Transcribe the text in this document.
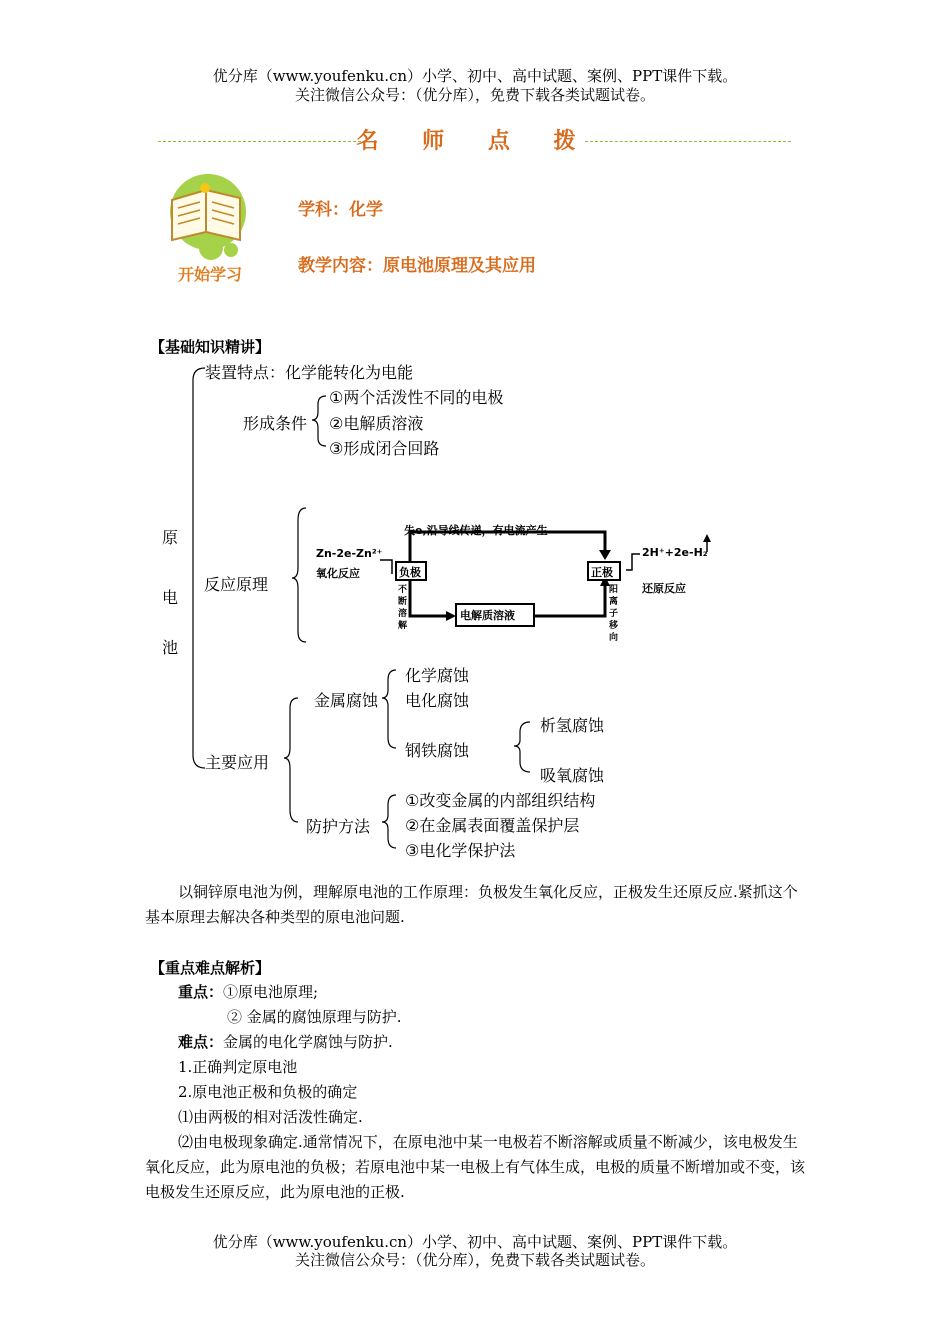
优分库（www.youfenku.cn）小学、初中、高中试题、案例、PPT课件下载。
关注微信公众号：（优分库），免费下载各类试题试卷。
名 师 点 拨
开始学习
学科：化学
教学内容：原电池原理及其应用
【基础知识精讲】
原
电
池
装置特点：化学能转化为电能
形成条件
①两个活泼性不同的电极
②电解质溶液
③形成闭合回路
反应原理
Zn-2e-Zn²⁺
氧化反应	负极
失e,沿导线传递，有电流产生
正极
2H⁺+2e-H₂
还原反应
电解质溶液
不断溶解
阳离子移向
主要应用
金属腐蚀
化学腐蚀
电化腐蚀
钢铁腐蚀
析氢腐蚀
吸氧腐蚀
防护方法
①改变金属的内部组织结构
②在金属表面覆盖保护层
③电化学保护法
以铜锌原电池为例，理解原电池的工作原理：负极发生氧化反应，正极发生还原反应.紧抓这个基本原理去解决各种类型的原电池问题.
【重点难点解析】
重点：①原电池原理;
② 金属的腐蚀原理与防护.
难点：金属的电化学腐蚀与防护.
1.正确判定原电池
2.原电池正极和负极的确定
⑴由两极的相对活泼性确定.
⑵由电极现象确定.通常情况下，在原电池中某一电极若不断溶解或质量不断减少，该电极发生氧化反应，此为原电池的负极；若原电池中某一电极上有气体生成，电极的质量不断增加或不变，该电极发生还原反应，此为原电池的正极.
优分库（www.youfenku.cn）小学、初中、高中试题、案例、PPT课件下载。
关注微信公众号：（优分库），免费下载各类试题试卷。
